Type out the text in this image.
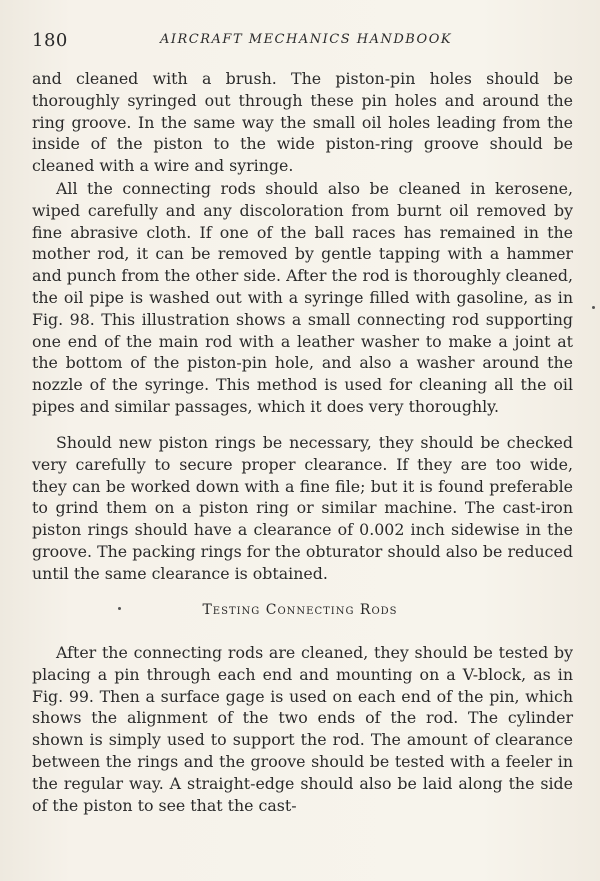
180	AIRCRAFT MECHANICS HANDBOOK

and cleaned with a brush. The piston-pin holes should be thoroughly syringed out through these pin holes and around the ring groove. In the same way the small oil holes leading from the inside of the piston to the wide piston-ring groove should be cleaned with a wire and syringe.

All the connecting rods should also be cleaned in kerosene, wiped carefully and any discoloration from burnt oil removed by fine abrasive cloth. If one of the ball races has remained in the mother rod, it can be removed by gentle tapping with a hammer and punch from the other side. After the rod is thoroughly cleaned, the oil pipe is washed out with a syringe filled with gasoline, as in Fig. 98. This illustration shows a small connecting rod supporting one end of the main rod with a leather washer to make a joint at the bottom of the piston-pin hole, and also a washer around the nozzle of the syringe. This method is used for cleaning all the oil pipes and similar passages, which it does very thoroughly.

Should new piston rings be necessary, they should be checked very carefully to secure proper clearance. If they are too wide, they can be worked down with a fine file; but it is found preferable to grind them on a piston ring or similar machine. The cast-iron piston rings should have a clearance of 0.002 inch sidewise in the groove. The packing rings for the obturator should also be reduced until the same clearance is obtained.

Testing Connecting Rods

After the connecting rods are cleaned, they should be tested by placing a pin through each end and mounting on a V-block, as in Fig. 99. Then a surface gage is used on each end of the pin, which shows the alignment of the two ends of the rod. The cylinder shown is simply used to support the rod. The amount of clearance between the rings and the groove should be tested with a feeler in the regular way. A straight-edge should also be laid along the side of the piston to see that the cast-
